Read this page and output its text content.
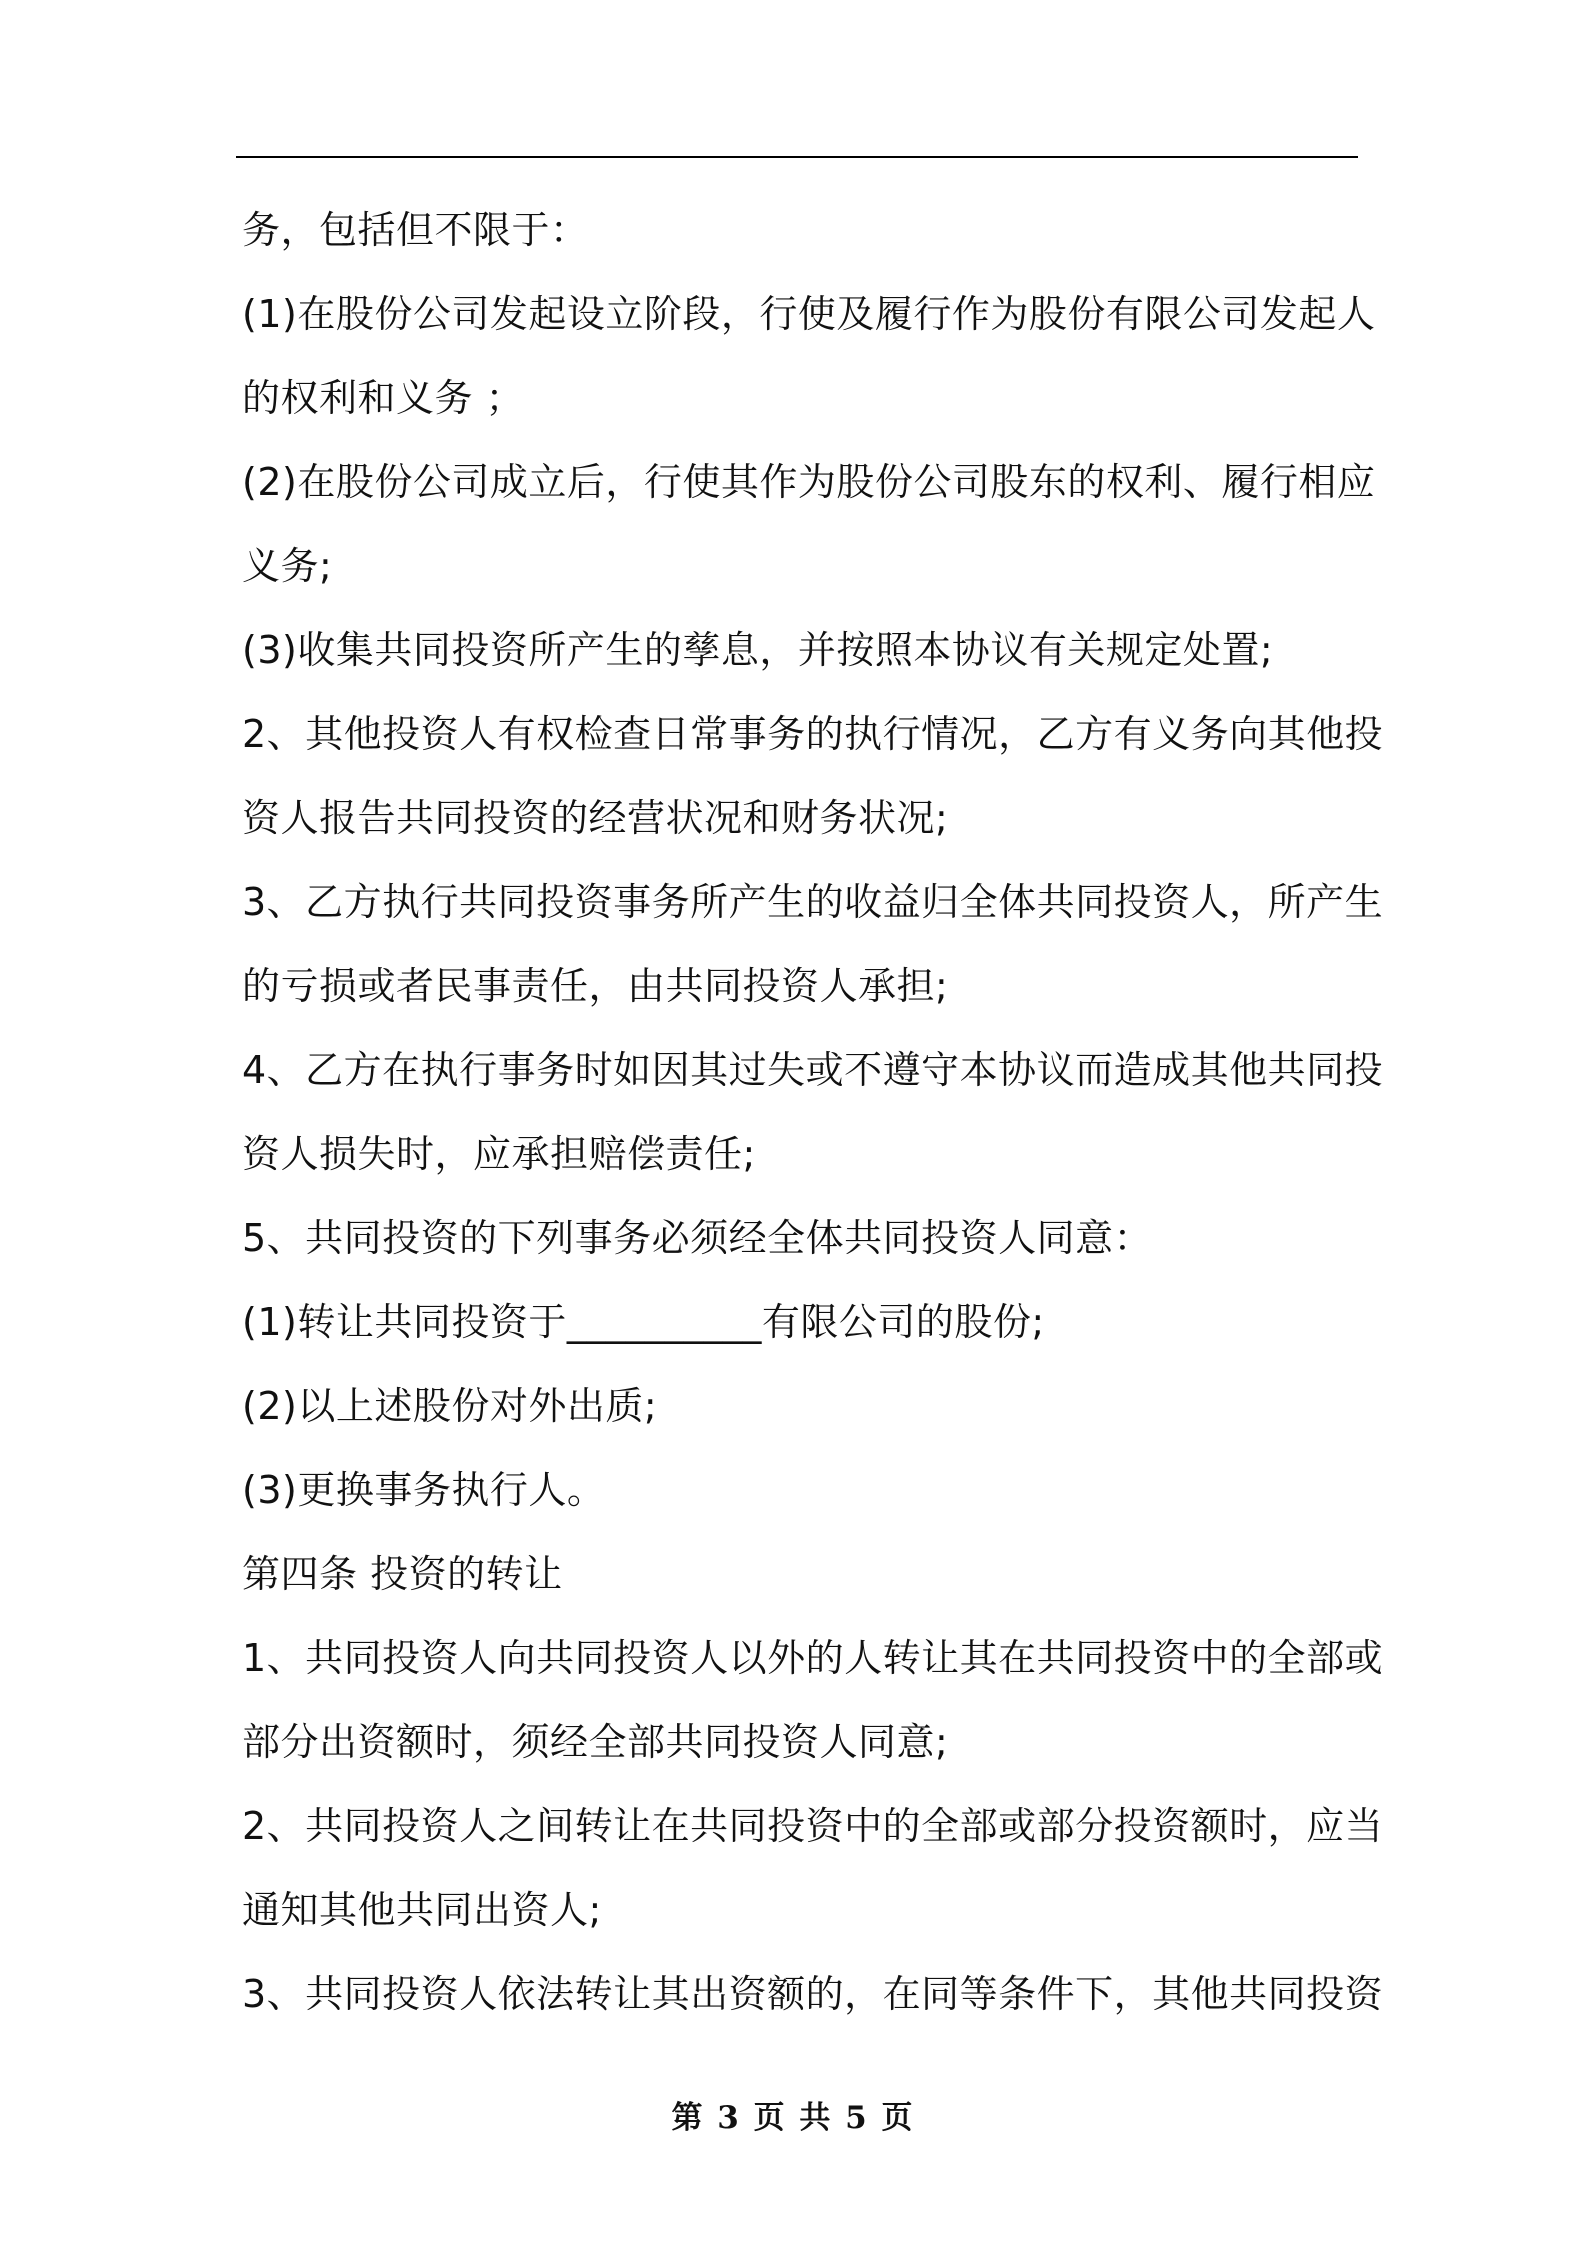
务，包括但不限于：
(1)在股份公司发起设立阶段，行使及履行作为股份有限公司发起人
的权利和义务 ；
(2)在股份公司成立后，行使其作为股份公司股东的权利、履行相应
义务;
(3)收集共同投资所产生的孳息，并按照本协议有关规定处置;
2、其他投资人有权检查日常事务的执行情况，乙方有义务向其他投
资人报告共同投资的经营状况和财务状况;
3、乙方执行共同投资事务所产生的收益归全体共同投资人，所产生
的亏损或者民事责任，由共同投资人承担;
4、乙方在执行事务时如因其过失或不遵守本协议而造成其他共同投
资人损失时，应承担赔偿责任;
5、共同投资的下列事务必须经全体共同投资人同意：
(1)转让共同投资于__________有限公司的股份;
(2)以上述股份对外出质;
(3)更换事务执行人。
第四条 投资的转让
1、共同投资人向共同投资人以外的人转让其在共同投资中的全部或
部分出资额时，须经全部共同投资人同意;
2、共同投资人之间转让在共同投资中的全部或部分投资额时，应当
通知其他共同出资人;
3、共同投资人依法转让其出资额的，在同等条件下，其他共同投资
第 3 页 共 5 页
